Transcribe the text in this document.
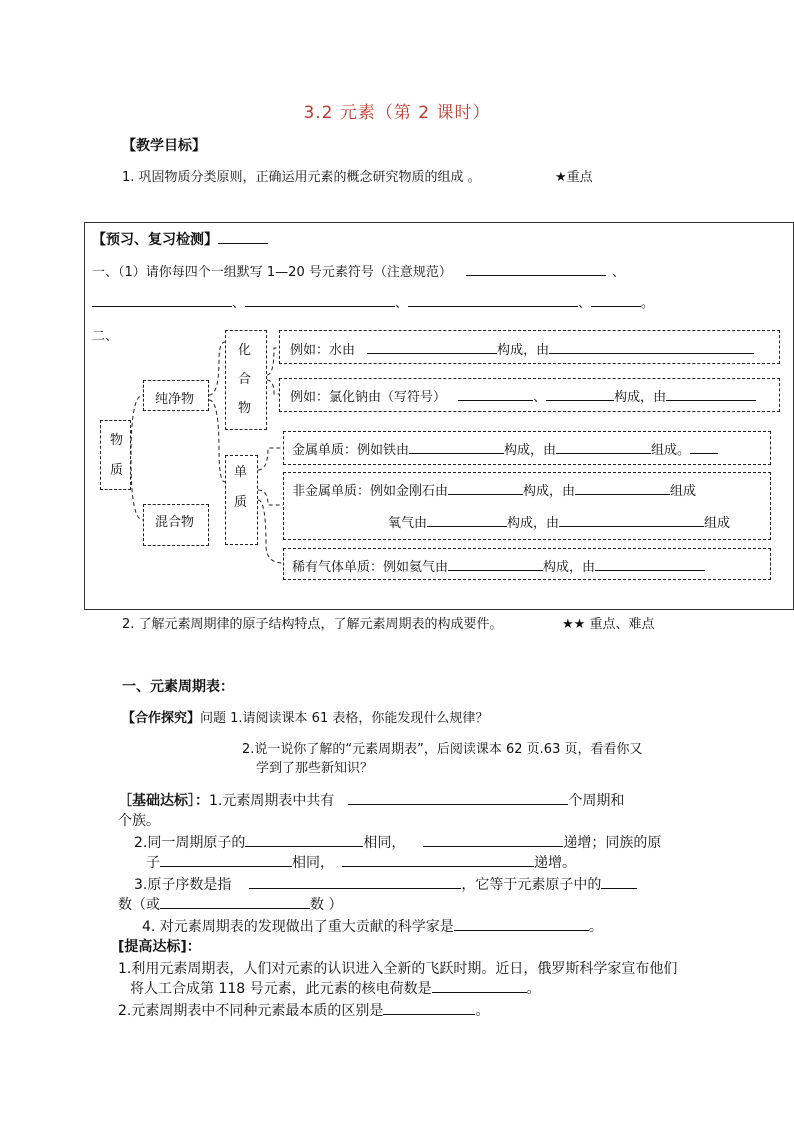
3.2 元素（第 2 课时）
【教学目标】
1. 巩固物质分类原则，正确运用元素的概念研究物质的组成 。	★重点
【预习、复习检测】
一、（1）请你每四个一组默写 1—20 号元素符号（注意规范）	、
、	、	、	。
二、
物质
纯净物
混合物
化合物
单质
例如：水由	构成，由
例如：氯化钠由（写符号）	、	构成，由
金属单质：例如铁由	构成，由	组成。
非金属单质：例如金刚石由	构成，由	组成
氧气由	构成，由	组成
稀有气体单质：例如氦气由	构成，由
2. 了解元素周期律的原子结构特点，了解元素周期表的构成要件。	★★ 重点、难点
一、元素周期表：
【合作探究】问题 1.请阅读课本 61 表格，你能发现什么规律？
2.说一说你了解的“元素周期表”，后阅读课本 62 页.63 页，看看你又
学到了那些新知识？
［基础达标］：1.元素周期表中共有	个周期和
个族。
2.同一周期原子的	相同，	递增；同族的原
子	相同，	递增。
3.原子序数是指	，它等于元素原子中的
数（或	数 ）
4. 对元素周期表的发现做出了重大贡献的科学家是	。
[提高达标]：
1.利用元素周期表，人们对元素的认识进入全新的飞跃时期。近日，俄罗斯科学家宣布他们
将人工合成第 118 号元素，此元素的核电荷数是	。
2.元素周期表中不同种元素最本质的区别是	。
